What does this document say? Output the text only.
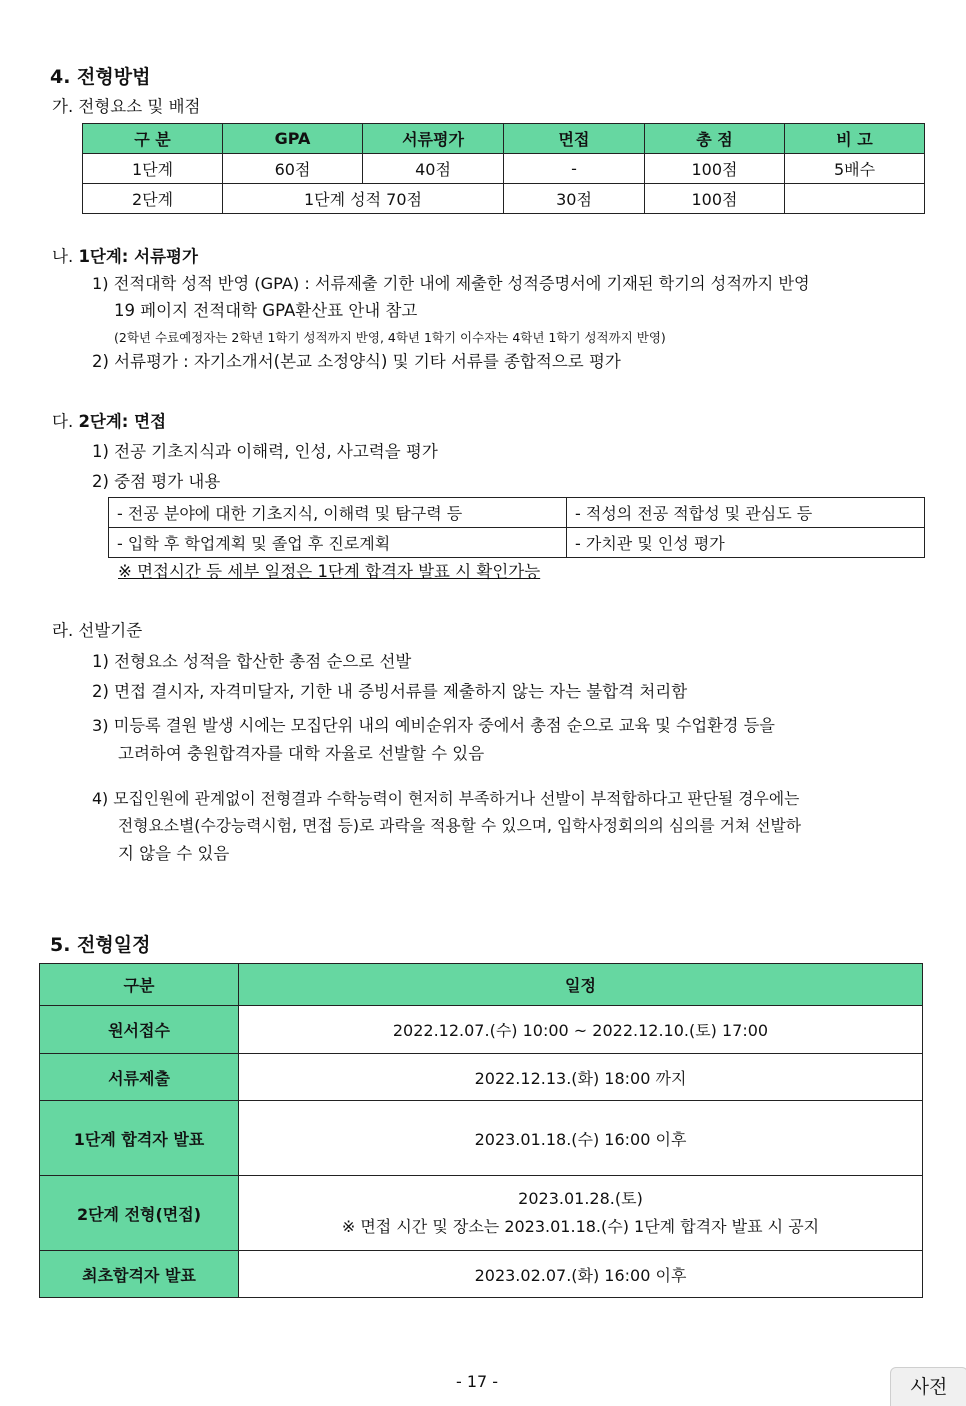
4. 전형방법
가. 전형요소 및 배점
구 분	GPA	서류평가	면접	총 점	비 고
1단계	60점	40점	-	100점	5배수
2단계	1단계 성적 70점		30점	100점	
나. 1단계: 서류평가
1) 전적대학 성적 반영 (GPA) : 서류제출 기한 내에 제출한 성적증명서에 기재된 학기의 성적까지 반영
19 페이지 전적대학 GPA환산표 안내 참고
(2학년 수료예정자는 2학년 1학기 성적까지 반영, 4학년 1학기 이수자는 4학년 1학기 성적까지 반영)
2) 서류평가 : 자기소개서(본교 소정양식) 및 기타 서류를 종합적으로 평가
다. 2단계: 면접
1) 전공 기초지식과 이해력, 인성, 사고력을 평가
2) 중점 평가 내용
- 전공 분야에 대한 기초지식, 이해력 및 탐구력 등	- 적성의 전공 적합성 및 관심도 등
- 입학 후 학업계획 및 졸업 후 진로계획	- 가치관 및 인성 평가
※ 면접시간 등 세부 일정은 1단계 합격자 발표 시 확인가능
라. 선발기준
1) 전형요소 성적을 합산한 총점 순으로 선발
2) 면접 결시자, 자격미달자, 기한 내 증빙서류를 제출하지 않는 자는 불합격 처리함
3) 미등록 결원 발생 시에는 모집단위 내의 예비순위자 중에서 총점 순으로 교육 및 수업환경 등을
고려하여 충원합격자를 대학 자율로 선발할 수 있음
4) 모집인원에 관계없이 전형결과 수학능력이 현저히 부족하거나 선발이 부적합하다고 판단될 경우에는
전형요소별(수강능력시험, 면접 등)로 과락을 적용할 수 있으며, 입학사정회의의 심의를 거쳐 선발하
지 않을 수 있음
5. 전형일정
구분	일정
원서접수	2022.12.07.(수) 10:00 ~ 2022.12.10.(토) 17:00
서류제출	2022.12.13.(화) 18:00 까지
1단계 합격자 발표	2023.01.18.(수) 16:00 이후
2단계 전형(면접)	2023.01.28.(토)
※ 면접 시간 및 장소는 2023.01.18.(수) 1단계 합격자 발표 시 공지

최초합격자 발표	2023.02.07.(화) 16:00 이후
- 17 -	사전
